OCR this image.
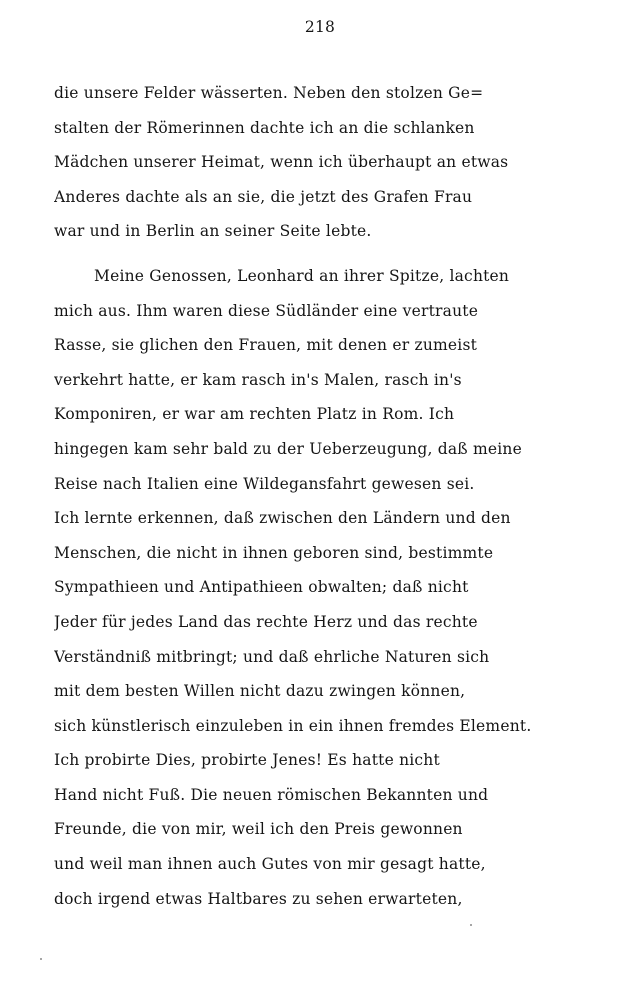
218
die unsere Felder wässerten. Neben den stolzen Ge=
stalten der Römerinnen dachte ich an die schlanken
Mädchen unserer Heimat, wenn ich überhaupt an etwas
Anderes dachte als an sie, die jetzt des Grafen Frau
war und in Berlin an seiner Seite lebte.
Meine Genossen, Leonhard an ihrer Spitze, lachten
mich aus. Ihm waren diese Südländer eine vertraute
Rasse, sie glichen den Frauen, mit denen er zumeist
verkehrt hatte, er kam rasch in's Malen, rasch in's
Komponiren, er war am rechten Platz in Rom. Ich
hingegen kam sehr bald zu der Ueberzeugung, daß meine
Reise nach Italien eine Wildegansfahrt gewesen sei.
Ich lernte erkennen, daß zwischen den Ländern und den
Menschen, die nicht in ihnen geboren sind, bestimmte
Sympathieen und Antipathieen obwalten; daß nicht
Jeder für jedes Land das rechte Herz und das rechte
Verständniß mitbringt; und daß ehrliche Naturen sich
mit dem besten Willen nicht dazu zwingen können,
sich künstlerisch einzuleben in ein ihnen fremdes Element.
Ich probirte Dies, probirte Jenes! Es hatte nicht
Hand nicht Fuß. Die neuen römischen Bekannten und
Freunde, die von mir, weil ich den Preis gewonnen
und weil man ihnen auch Gutes von mir gesagt hatte,
doch irgend etwas Haltbares zu sehen erwarteten,
